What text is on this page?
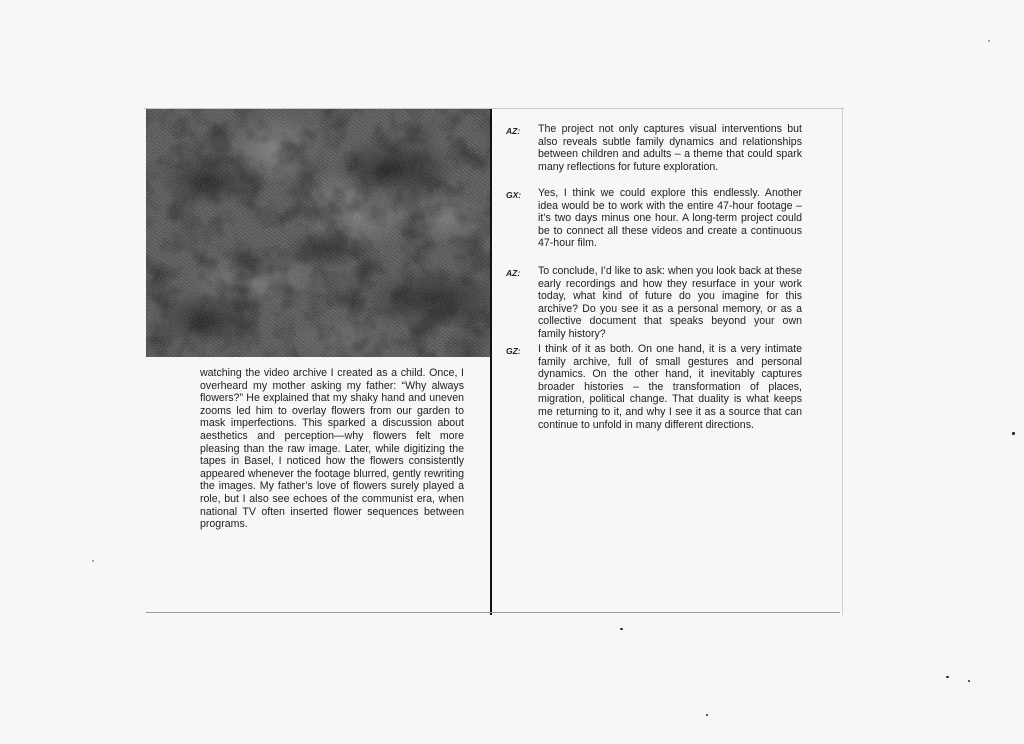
watching the video archive I created as a child. Once, I overheard my mother asking my father: “Why always flowers?” He explained that my shaky hand and uneven zooms led him to overlay flowers from our garden to mask imperfections. This sparked a discussion about aesthetics and perception—why flowers felt more pleasing than the raw image. Later, while digitizing the tapes in Basel, I noticed how the flowers consistently appeared whenever the footage blurred, gently rewriting the images. My father’s love of flowers surely played a role, but I also see echoes of the communist era, when national TV often inserted flower sequences between programs.

AZ:	The project not only captures visual interventions but also reveals subtle family dynamics and relationships between children and adults – a theme that could spark many reflections for future exploration.

GX:	Yes, I think we could explore this endlessly. Another idea would be to work with the entire 47-hour footage – it’s two days minus one hour. A long-term project could be to connect all these videos and create a continuous 47-hour film.

AZ:	To conclude, I’d like to ask: when you look back at these early recordings and how they resurface in your work today, what kind of future do you imagine for this archive? Do you see it as a personal memory, or as a collective document that speaks beyond your own family history?

GZ:	I think of it as both. On one hand, it is a very intimate family archive, full of small gestures and personal dynamics. On the other hand, it inevitably captures broader histories – the transformation of places, migration, political change. That duality is what keeps me returning to it, and why I see it as a source that can continue to unfold in many different directions.
